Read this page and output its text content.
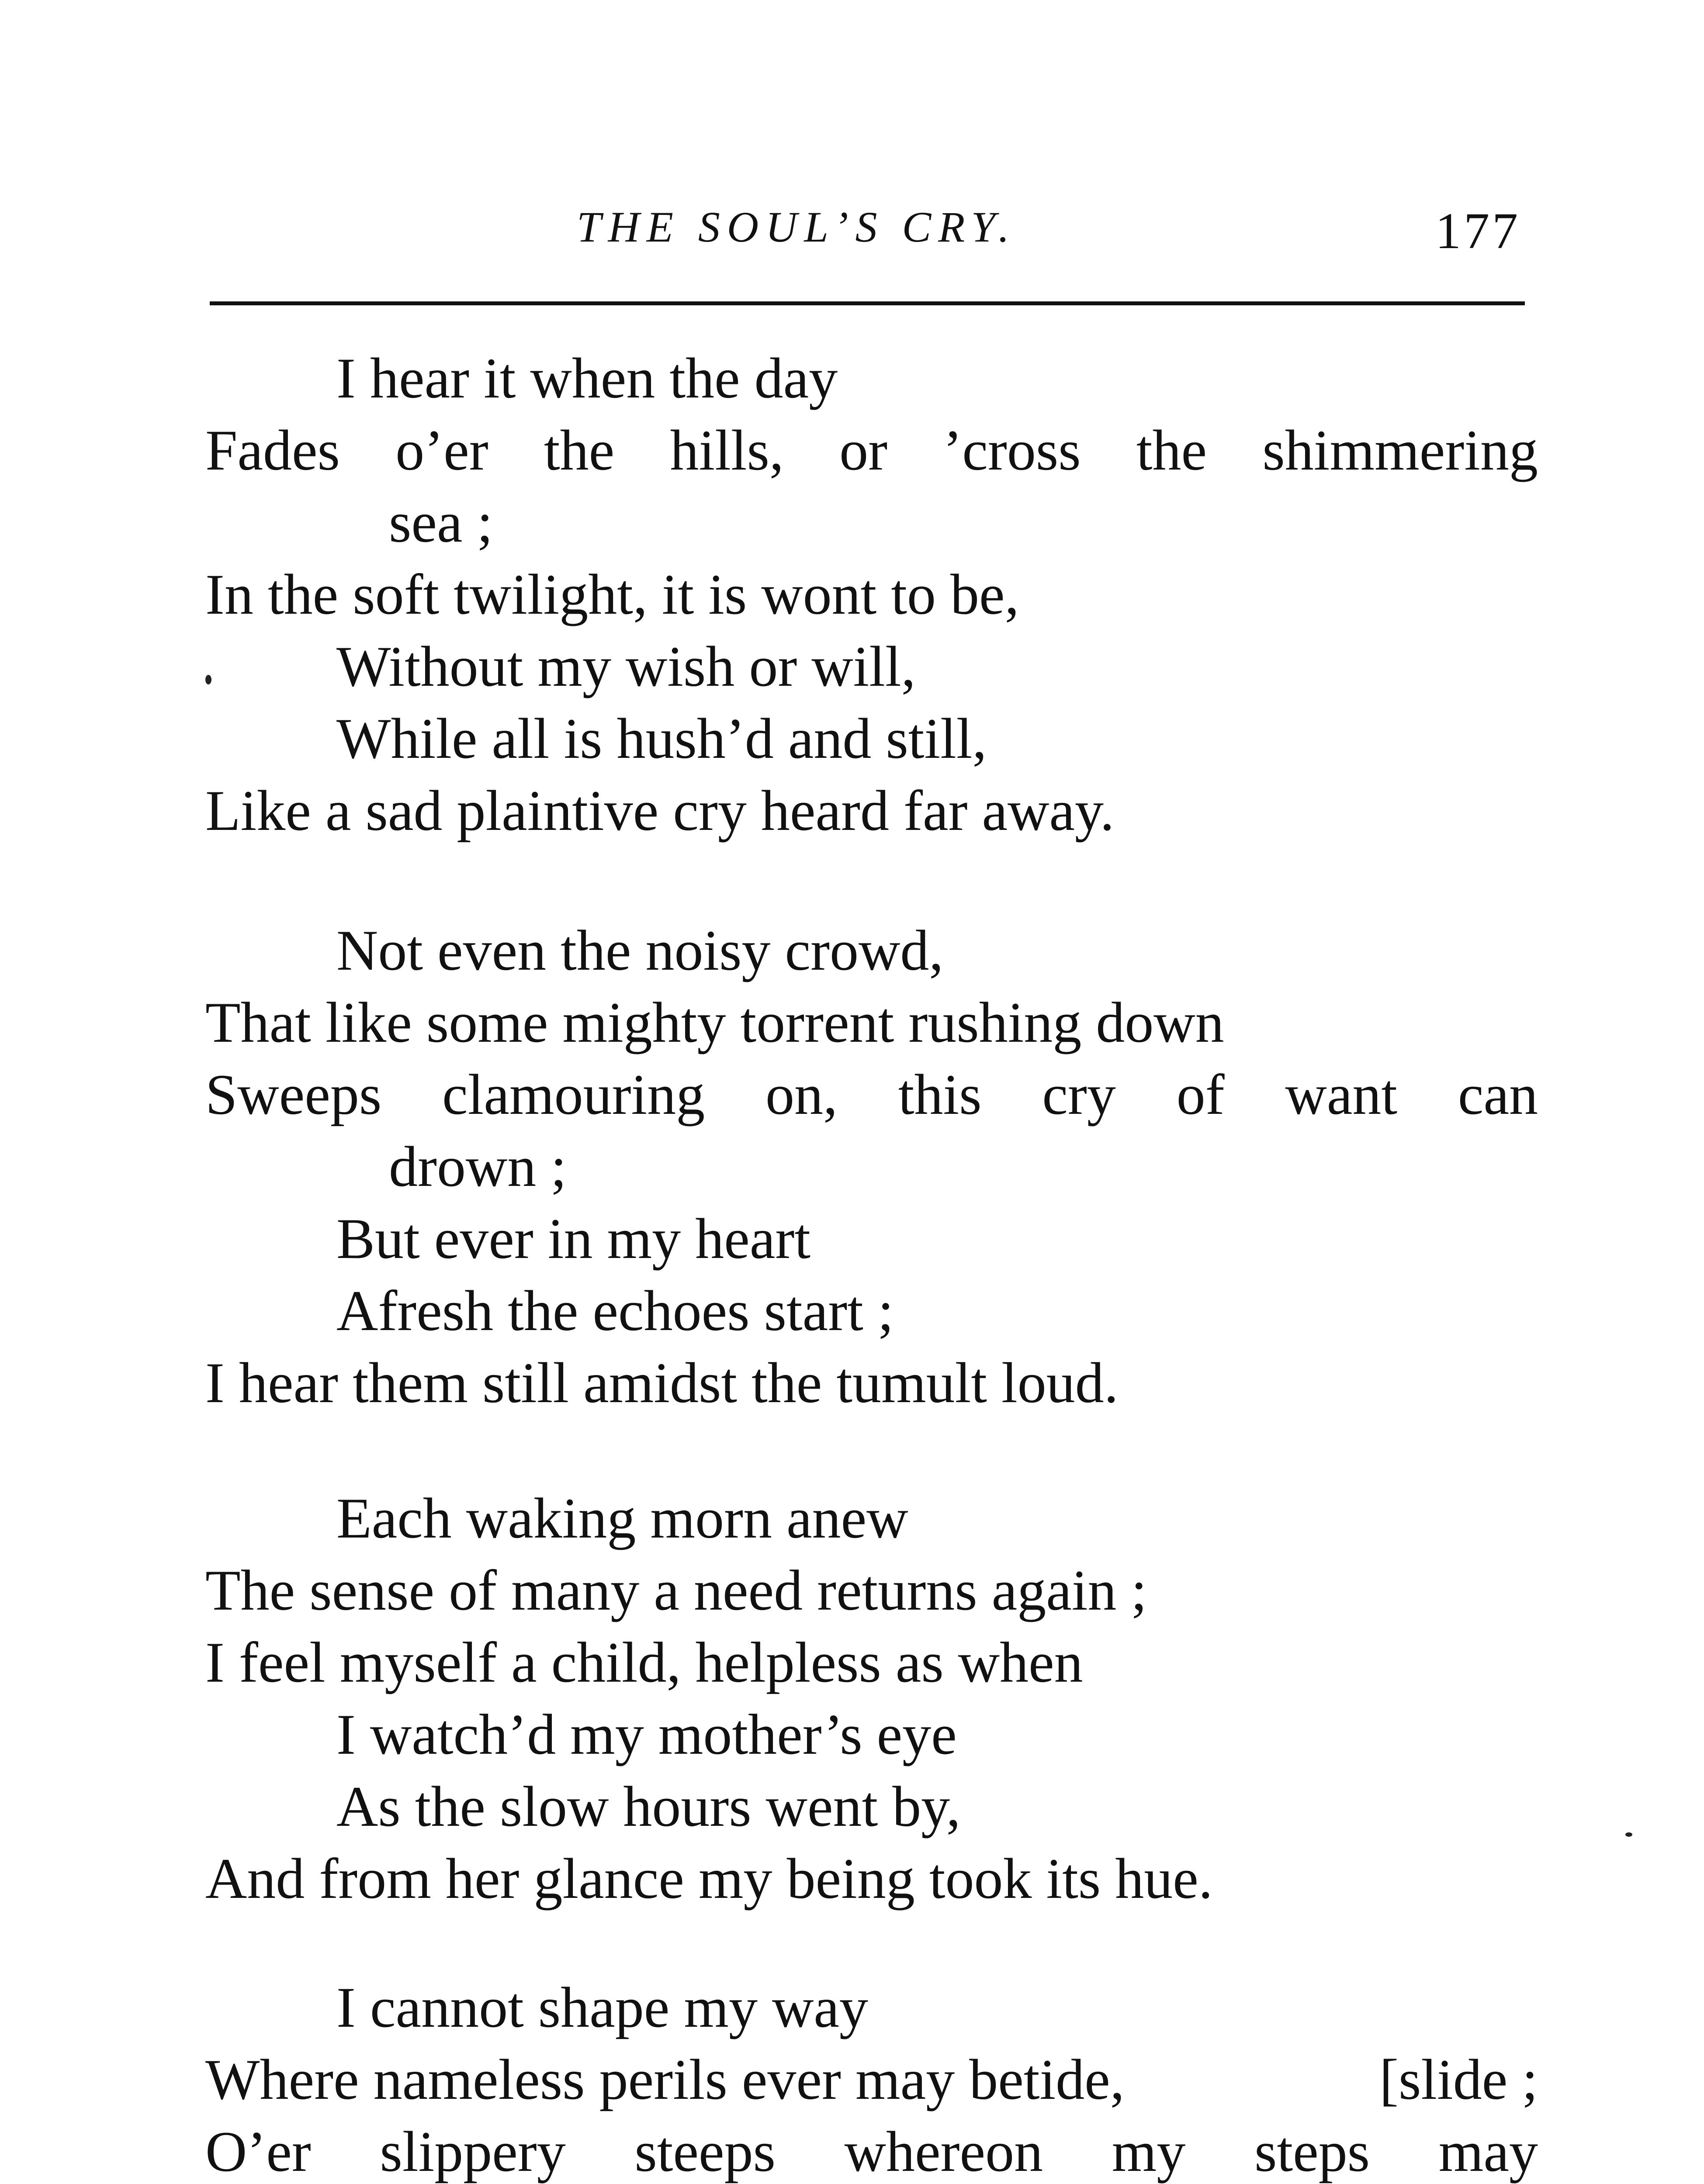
THE SOUL’S CRY.	177
I hear it when the day
Fades o’er the hills, or ’cross the shimmering
sea ;
In the soft twilight, it is wont to be,
Without my wish or will,
While all is hush’d and still,
Like a sad plaintive cry heard far away.
Not even the noisy crowd,
That like some mighty torrent rushing down
Sweeps clamouring on, this cry of want can
drown ;
But ever in my heart
Afresh the echoes start ;
I hear them still amidst the tumult loud.
Each waking morn anew
The sense of many a need returns again ;
I feel myself a child, helpless as when
I watch’d my mother’s eye
As the slow hours went by,
And from her glance my being took its hue.
I cannot shape my way
Where nameless perils ever may betide,	[slide ;
O’er slippery steeps whereon my steps may
